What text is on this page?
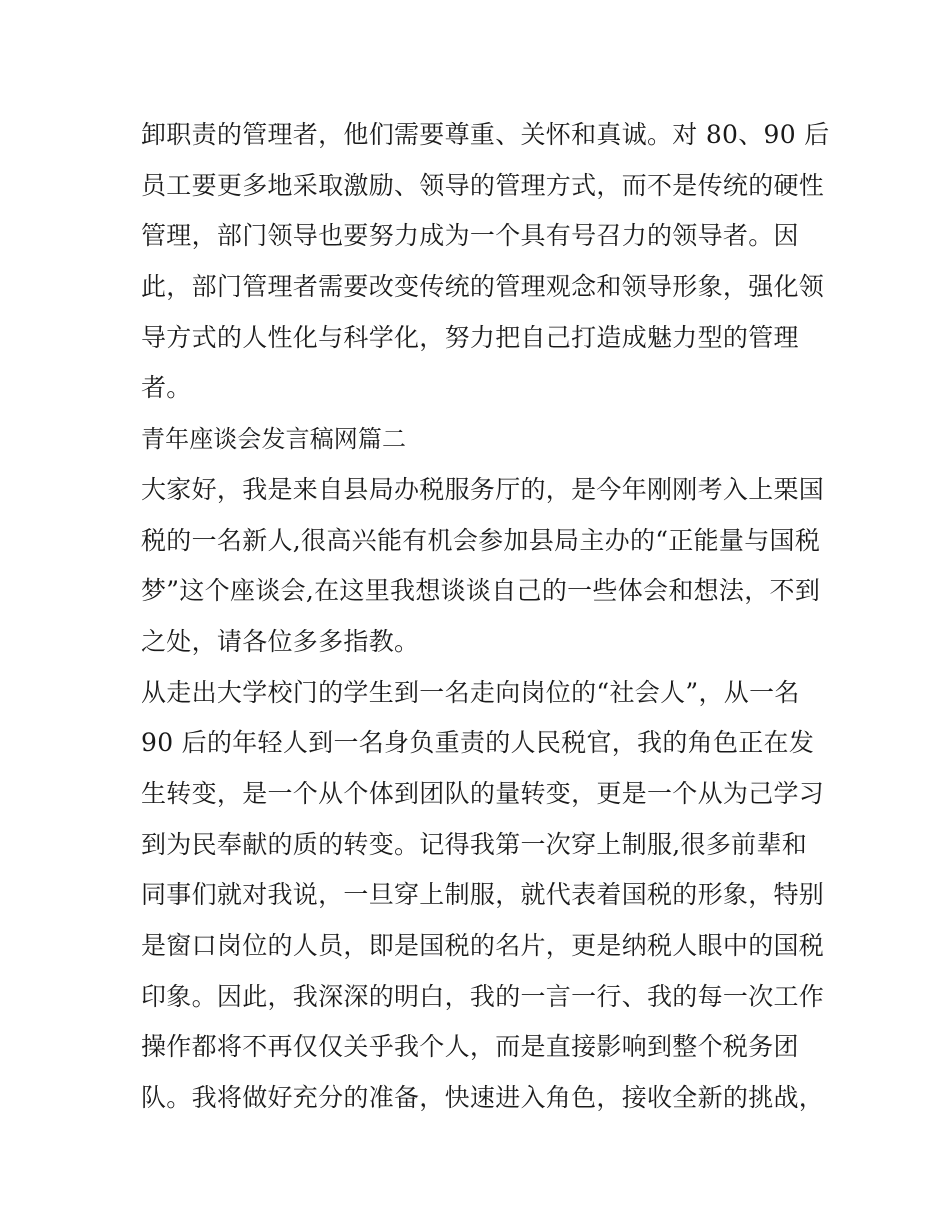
卸职责的管理者，他们需要尊重、关怀和真诚。对 80、90 后
员工要更多地采取激励、领导的管理方式，而不是传统的硬性
管理，部门领导也要努力成为一个具有号召力的领导者。因
此，部门管理者需要改变传统的管理观念和领导形象，强化领
导方式的人性化与科学化，努力把自己打造成魅力型的管理
者。
青年座谈会发言稿网篇二
大家好，我是来自县局办税服务厅的，是今年刚刚考入上栗国
税的一名新人,很高兴能有机会参加县局主办的“正能量与国税
梦”这个座谈会,在这里我想谈谈自己的一些体会和想法，不到
之处，请各位多多指教。
从走出大学校门的学生到一名走向岗位的“社会人”，从一名
90 后的年轻人到一名身负重责的人民税官，我的角色正在发
生转变，是一个从个体到团队的量转变，更是一个从为己学习
到为民奉献的质的转变。记得我第一次穿上制服,很多前辈和
同事们就对我说，一旦穿上制服，就代表着国税的形象，特别
是窗口岗位的人员，即是国税的名片，更是纳税人眼中的国税
印象。因此，我深深的明白，我的一言一行、我的每一次工作
操作都将不再仅仅关乎我个人，而是直接影响到整个税务团
队。我将做好充分的准备，快速进入角色，接收全新的挑战，
